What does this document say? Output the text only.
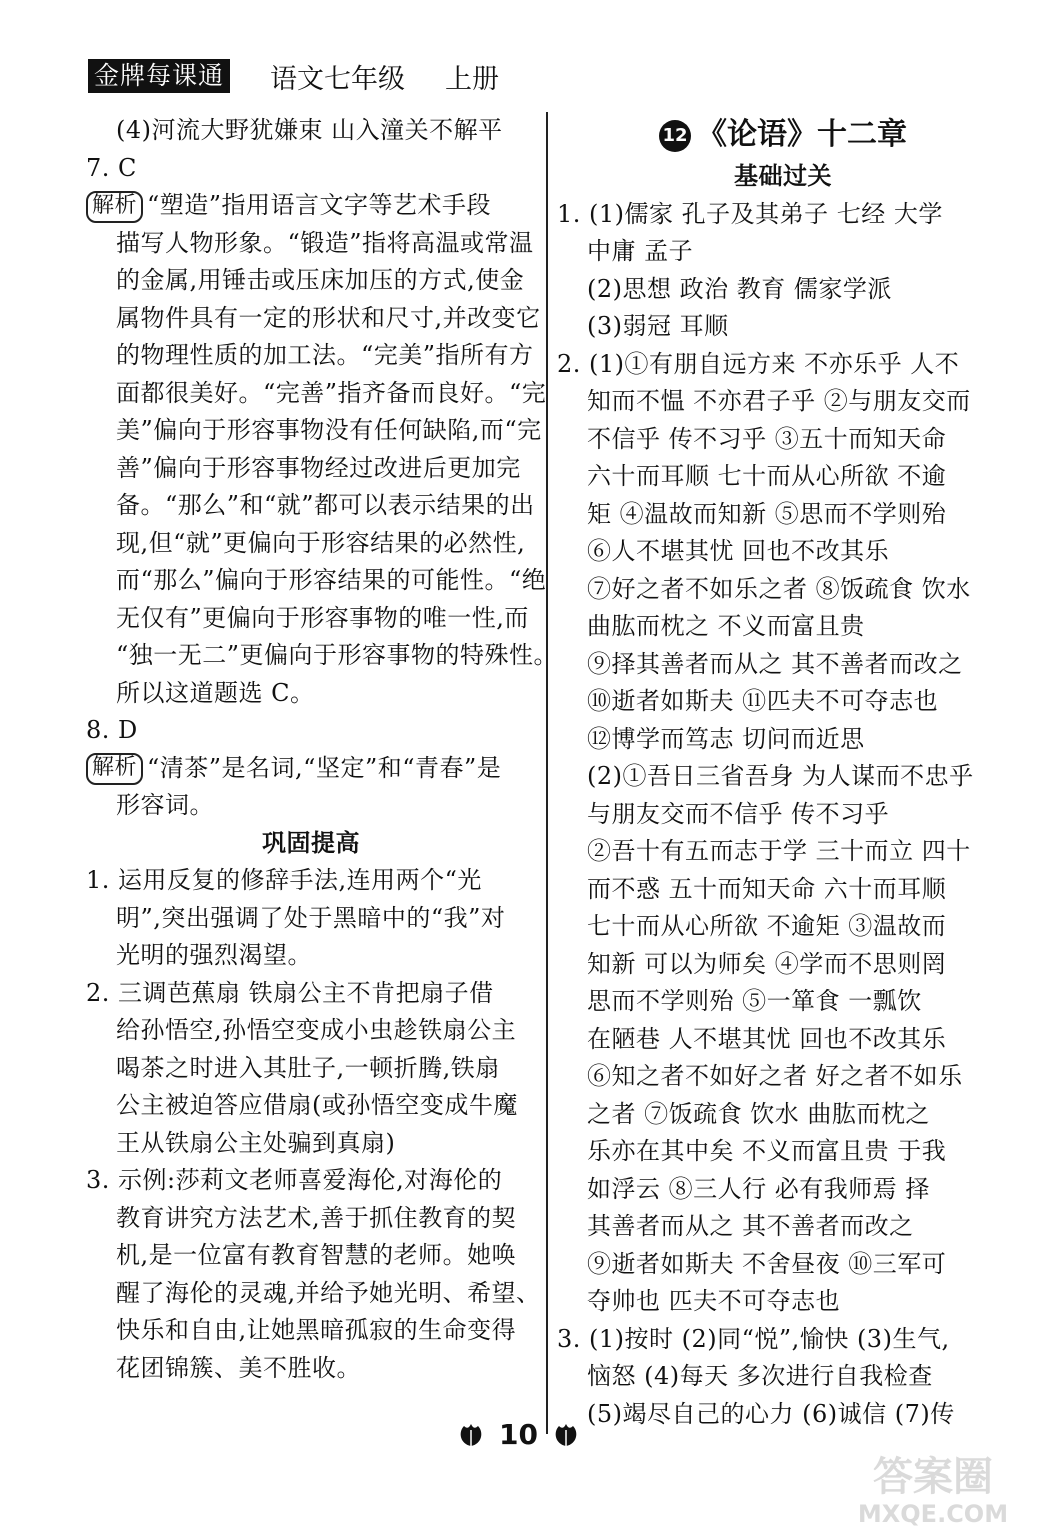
金牌每课通 语文七年级 上册
(4)河流大野犹嫌束 山入潼关不解平
7. C
解析 “塑造”指用语言文字等艺术手段
描写人物形象。“锻造”指将高温或常温
的金属,用锤击或压床加压的方式,使金
属物件具有一定的形状和尺寸,并改变它
的物理性质的加工法。“完美”指所有方
面都很美好。“完善”指齐备而良好。“完
美”偏向于形容事物没有任何缺陷,而“完
善”偏向于形容事物经过改进后更加完
备。“那么”和“就”都可以表示结果的出
现,但“就”更偏向于形容结果的必然性,
而“那么”偏向于形容结果的可能性。“绝
无仅有”更偏向于形容事物的唯一性,而
“独一无二”更偏向于形容事物的特殊性。
所以这道题选 C。
8. D
解析 “清茶”是名词,“坚定”和“青春”是
形容词。
巩固提高
1. 运用反复的修辞手法,连用两个“光
明”,突出强调了处于黑暗中的“我”对
光明的强烈渴望。
2. 三调芭蕉扇 铁扇公主不肯把扇子借
给孙悟空,孙悟空变成小虫趁铁扇公主
喝茶之时进入其肚子,一顿折腾,铁扇
公主被迫答应借扇(或孙悟空变成牛魔
王从铁扇公主处骗到真扇)
3. 示例:莎莉文老师喜爱海伦,对海伦的
教育讲究方法艺术,善于抓住教育的契
机,是一位富有教育智慧的老师。她唤
醒了海伦的灵魂,并给予她光明、希望、
快乐和自由,让她黑暗孤寂的生命变得
花团锦簇、美不胜收。
12 《论语》十二章
基础过关
1. (1)儒家 孔子及其弟子 七经 大学
中庸 孟子
(2)思想 政治 教育 儒家学派
(3)弱冠 耳顺
2. (1)①有朋自远方来 不亦乐乎 人不
知而不愠 不亦君子乎 ②与朋友交而
不信乎 传不习乎 ③五十而知天命
六十而耳顺 七十而从心所欲 不逾
矩 ④温故而知新 ⑤思而不学则殆
⑥人不堪其忧 回也不改其乐
⑦好之者不如乐之者 ⑧饭疏食 饮水
曲肱而枕之 不义而富且贵
⑨择其善者而从之 其不善者而改之
⑩逝者如斯夫 ⑪匹夫不可夺志也
⑫博学而笃志 切问而近思
(2)①吾日三省吾身 为人谋而不忠乎
与朋友交而不信乎 传不习乎
②吾十有五而志于学 三十而立 四十
而不惑 五十而知天命 六十而耳顺
七十而从心所欲 不逾矩 ③温故而
知新 可以为师矣 ④学而不思则罔
思而不学则殆 ⑤一箪食 一瓢饮
在陋巷 人不堪其忧 回也不改其乐
⑥知之者不如好之者 好之者不如乐
之者 ⑦饭疏食 饮水 曲肱而枕之
乐亦在其中矣 不义而富且贵 于我
如浮云 ⑧三人行 必有我师焉 择
其善者而从之 其不善者而改之
⑨逝者如斯夫 不舍昼夜 ⑩三军可
夺帅也 匹夫不可夺志也
3. (1)按时 (2)同“悦”,愉快 (3)生气,
恼怒 (4)每天 多次进行自我检查
(5)竭尽自己的心力 (6)诚信 (7)传
10
答案圈
MXQE.COM
